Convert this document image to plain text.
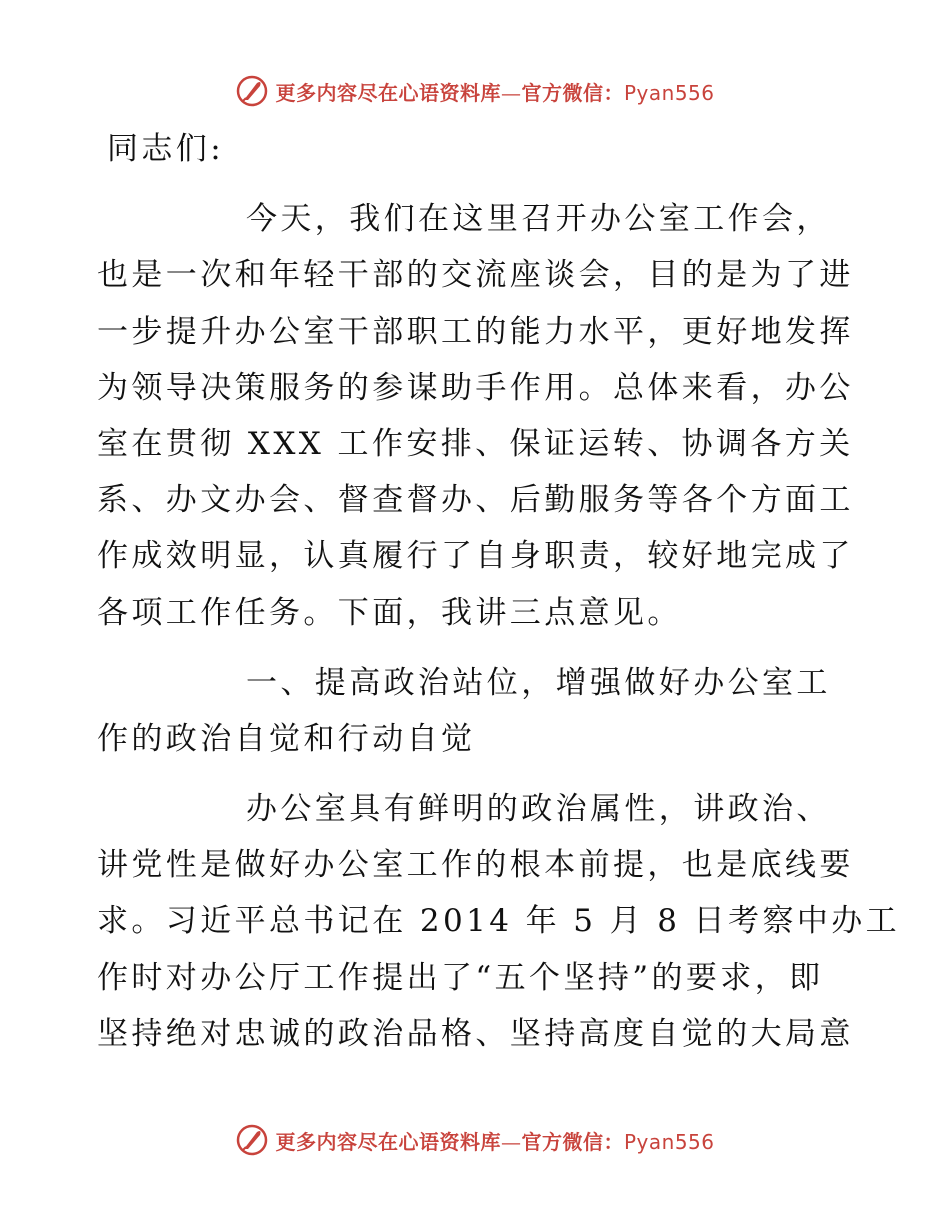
更多内容尽在心语资料库—官方微信：Pyan556
同志们:
今天，我们在这里召开办公室工作会，
也是一次和年轻干部的交流座谈会，目的是为了进
一步提升办公室干部职工的能力水平，更好地发挥
为领导决策服务的参谋助手作用。总体来看，办公
室在贯彻 XXX 工作安排、保证运转、协调各方关
系、办文办会、督查督办、后勤服务等各个方面工
作成效明显，认真履行了自身职责，较好地完成了
各项工作任务。下面，我讲三点意见。
一、提高政治站位，增强做好办公室工
作的政治自觉和行动自觉
办公室具有鲜明的政治属性，讲政治、
讲党性是做好办公室工作的根本前提，也是底线要
求。习近平总书记在 2014 年 5 月 8 日考察中办工
作时对办公厅工作提出了“五个坚持”的要求，即
坚持绝对忠诚的政治品格、坚持高度自觉的大局意
更多内容尽在心语资料库—官方微信：Pyan556
